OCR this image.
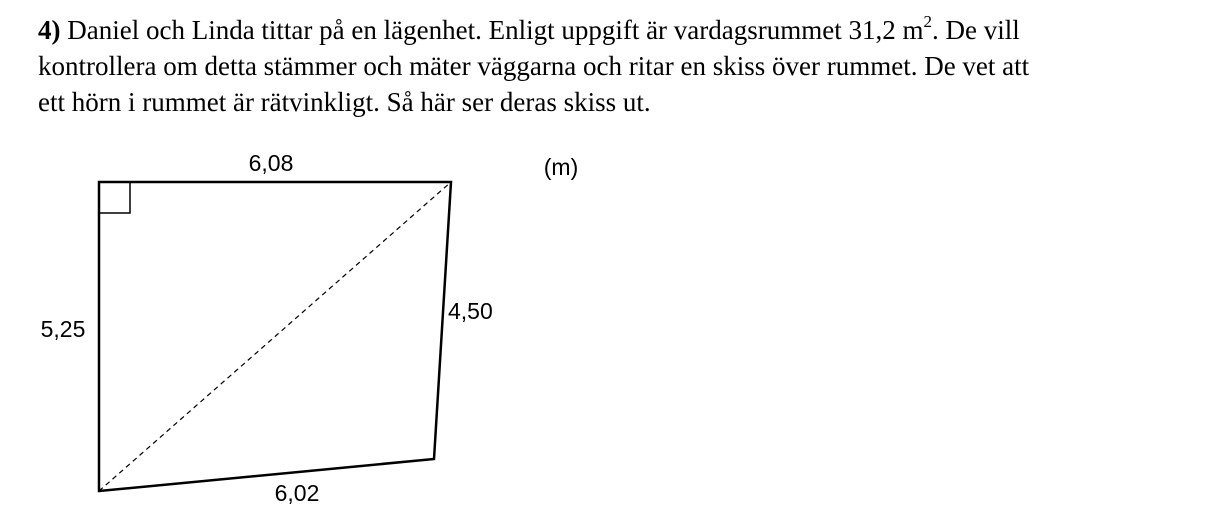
4) Daniel och Linda tittar på en lägenhet. Enligt uppgift är vardagsrummet 31,2 $m^2$. De vill
kontrollera om detta stämmer och mäter väggarna och ritar en skiss över rummet. De vet att
ett hörn i rummet är rätvinkligt. Så här ser deras skiss ut.

6,08
5,25
4,50
6,02
(m)
